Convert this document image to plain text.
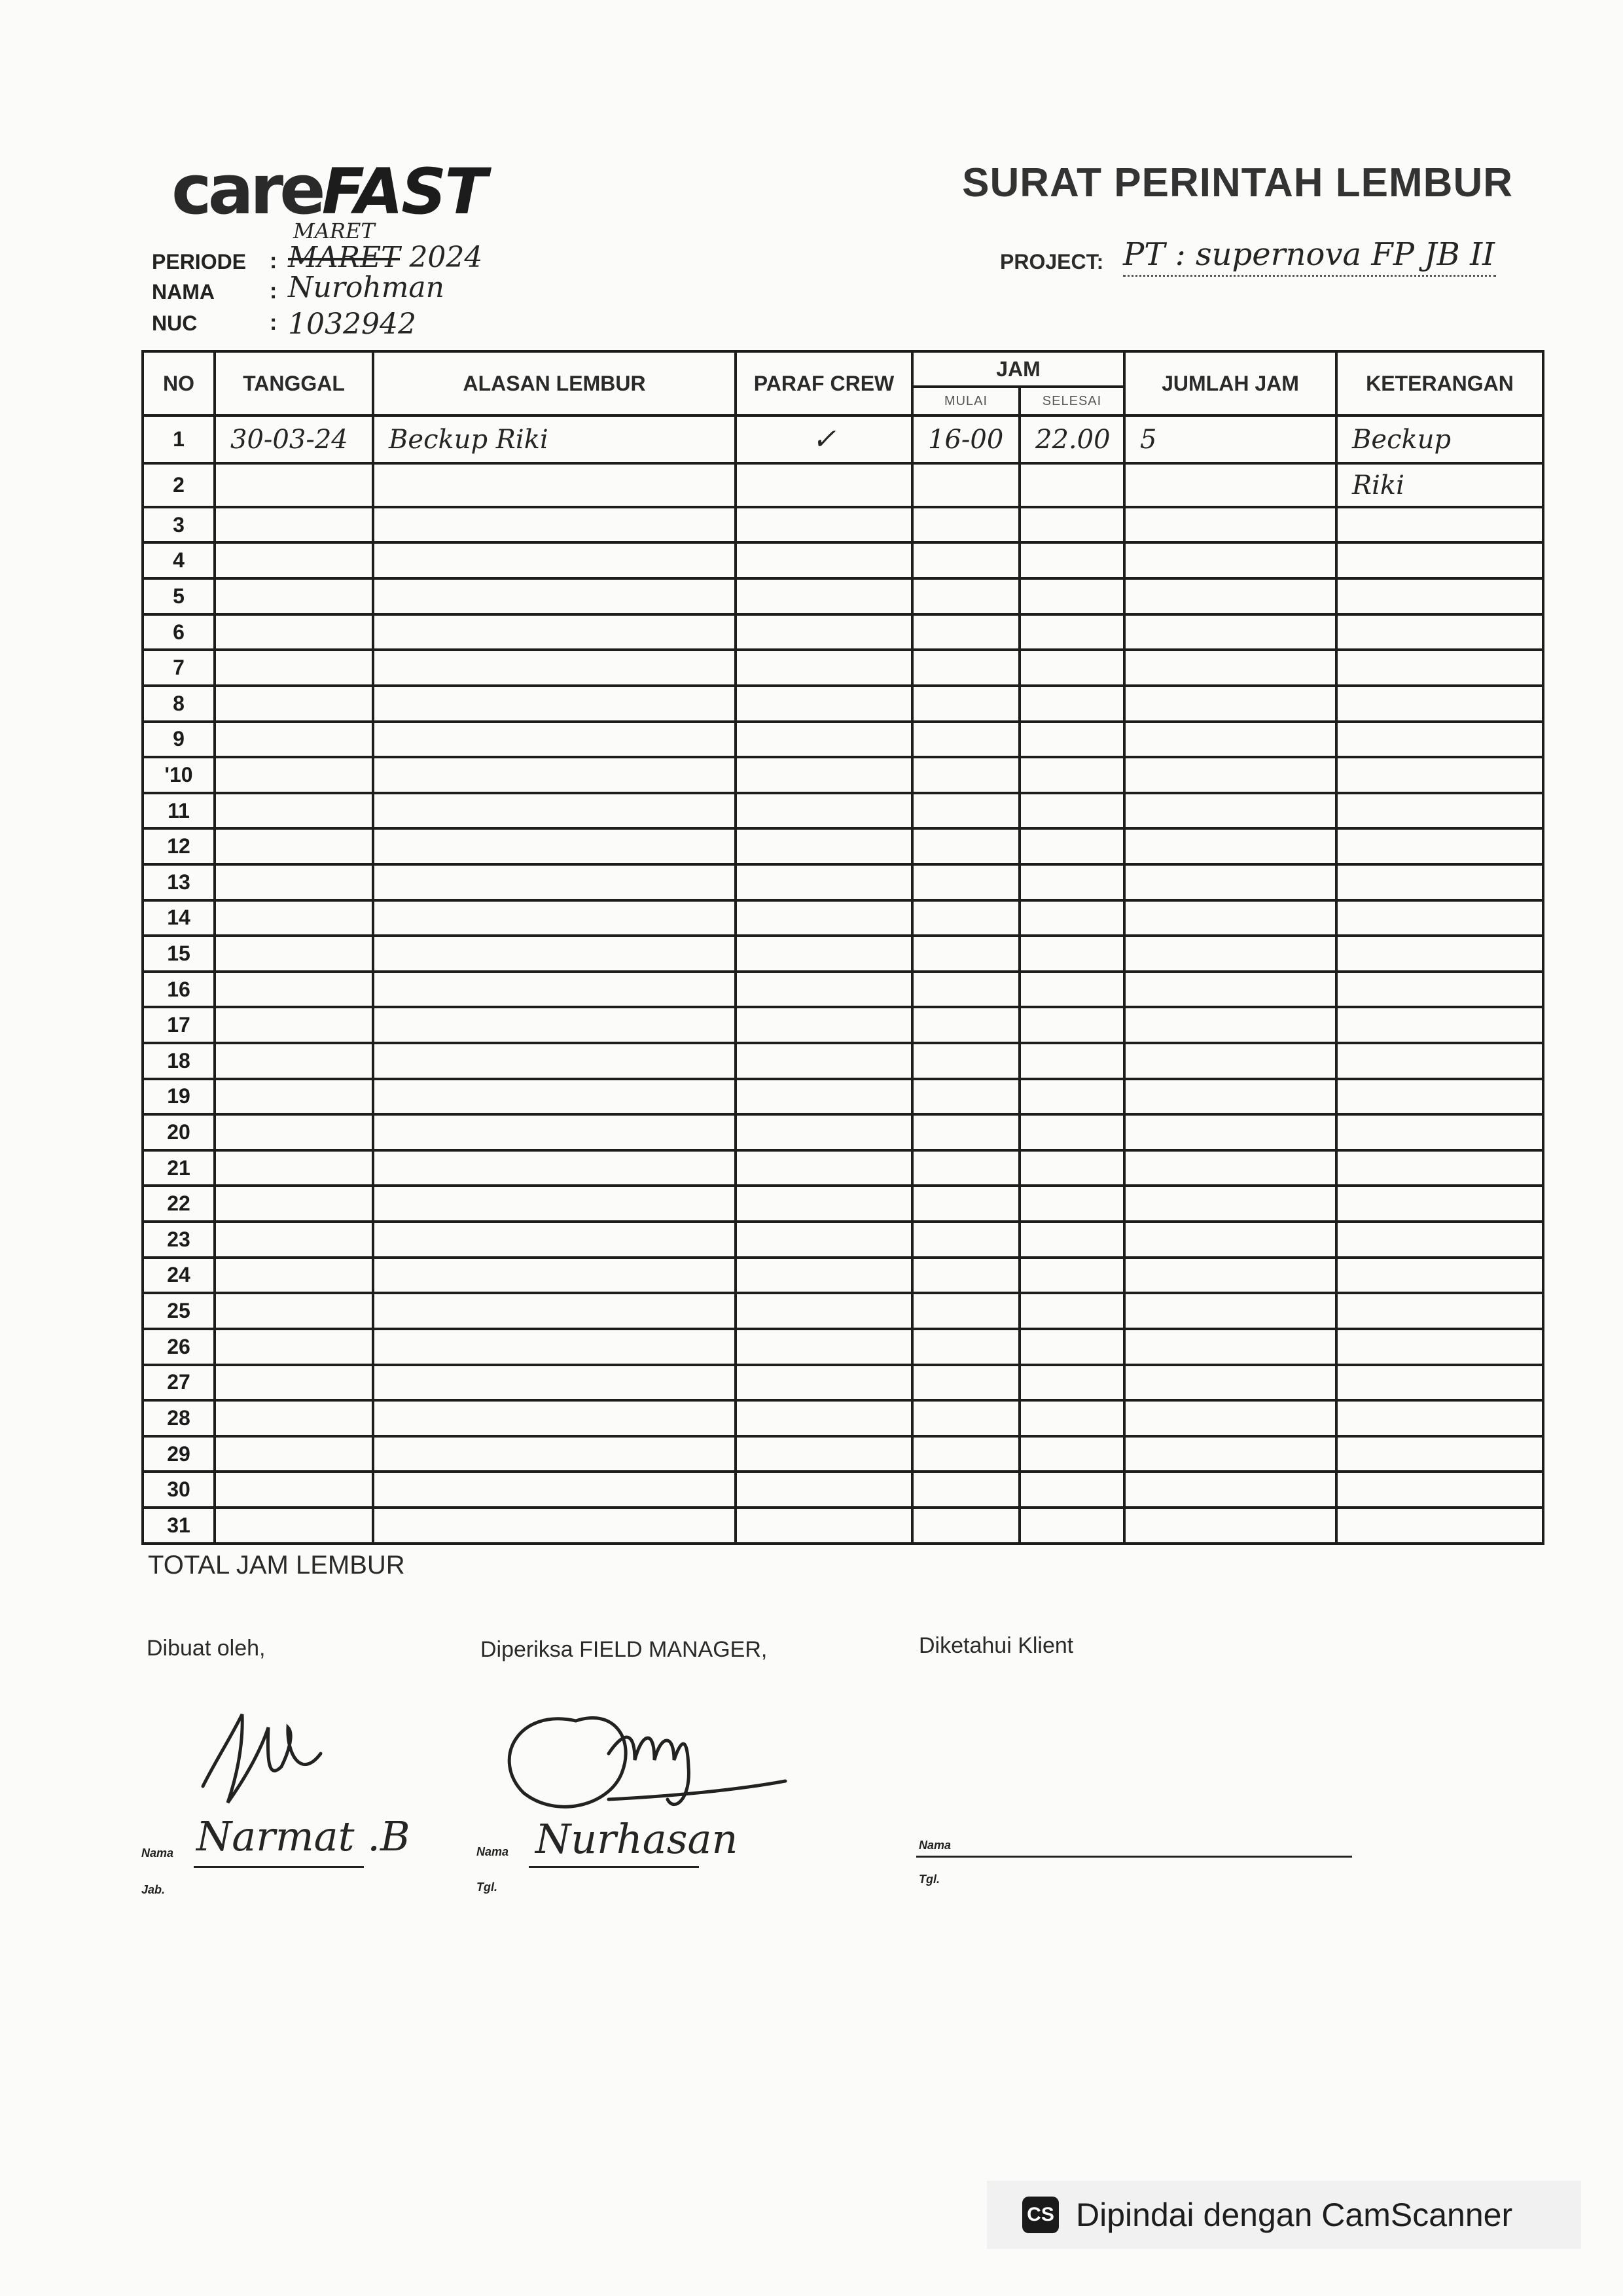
careFAST	SURAT PERINTAH LEMBUR
PROJECT: PT : supernova FP JB II
PERIODE : MARET
MARET
2024
NAMA : Nurohman
NUC	: 1032942
NO	TANGGAL	ALASAN LEMBUR	PARAF CREW	JAM		JUMLAH JAM	KETERANGAN
				MULAI	SELESAI		
1	30-03-24	Beckup Riki	✓	16-00	22.00	5	Beckup
2							Riki
3							
4							
5							
6							
7							
8							
9							
'10							
11							
12							
13							
14							
15							
16							
17							
18							
19							
20							
21							
22							
23							
24							
25							
26							
27							
28							
29							
30							
31							
TOTAL JAM LEMBUR
Dibuat oleh,	Diperiksa FIELD MANAGER,	Diketahui Klient
Narmat .B	Nurhasan
Nama
Jab.
Nama
Tgl.
Nama
Tgl.
CS Dipindai dengan CamScanner
